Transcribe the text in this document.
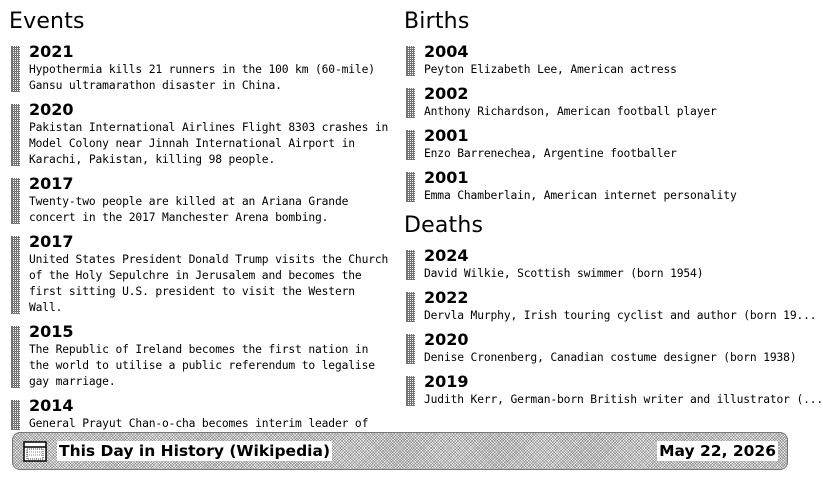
Events
2021
Hypothermia kills 21 runners in the 100 km (60-mile) Gansu ultramarathon disaster in China.
2020
Pakistan International Airlines Flight 8303 crashes in Model Colony near Jinnah International Airport in Karachi, Pakistan, killing 98 people.
2017
Twenty-two people are killed at an Ariana Grande concert in the 2017 Manchester Arena bombing.
2017
United States President Donald Trump visits the Church of the Holy Sepulchre in Jerusalem and becomes the first sitting U.S. president to visit the Western Wall.
2015
The Republic of Ireland becomes the first nation in the world to utilise a public referendum to legalise gay marriage.
2014
General Prayut Chan-o-cha becomes interim leader of
Births
2004
Peyton Elizabeth Lee, American actress
2002
Anthony Richardson, American football player
2001
Enzo Barrenechea, Argentine footballer
2001
Emma Chamberlain, American internet personality
Deaths
2024
David Wilkie, Scottish swimmer (born 1954)
2022
Dervla Murphy, Irish touring cyclist and author (born 19...
2020
Denise Cronenberg, Canadian costume designer (born 1938)
2019
Judith Kerr, German-born British writer and illustrator (...
This Day in History (Wikipedia)	May 22, 2026
